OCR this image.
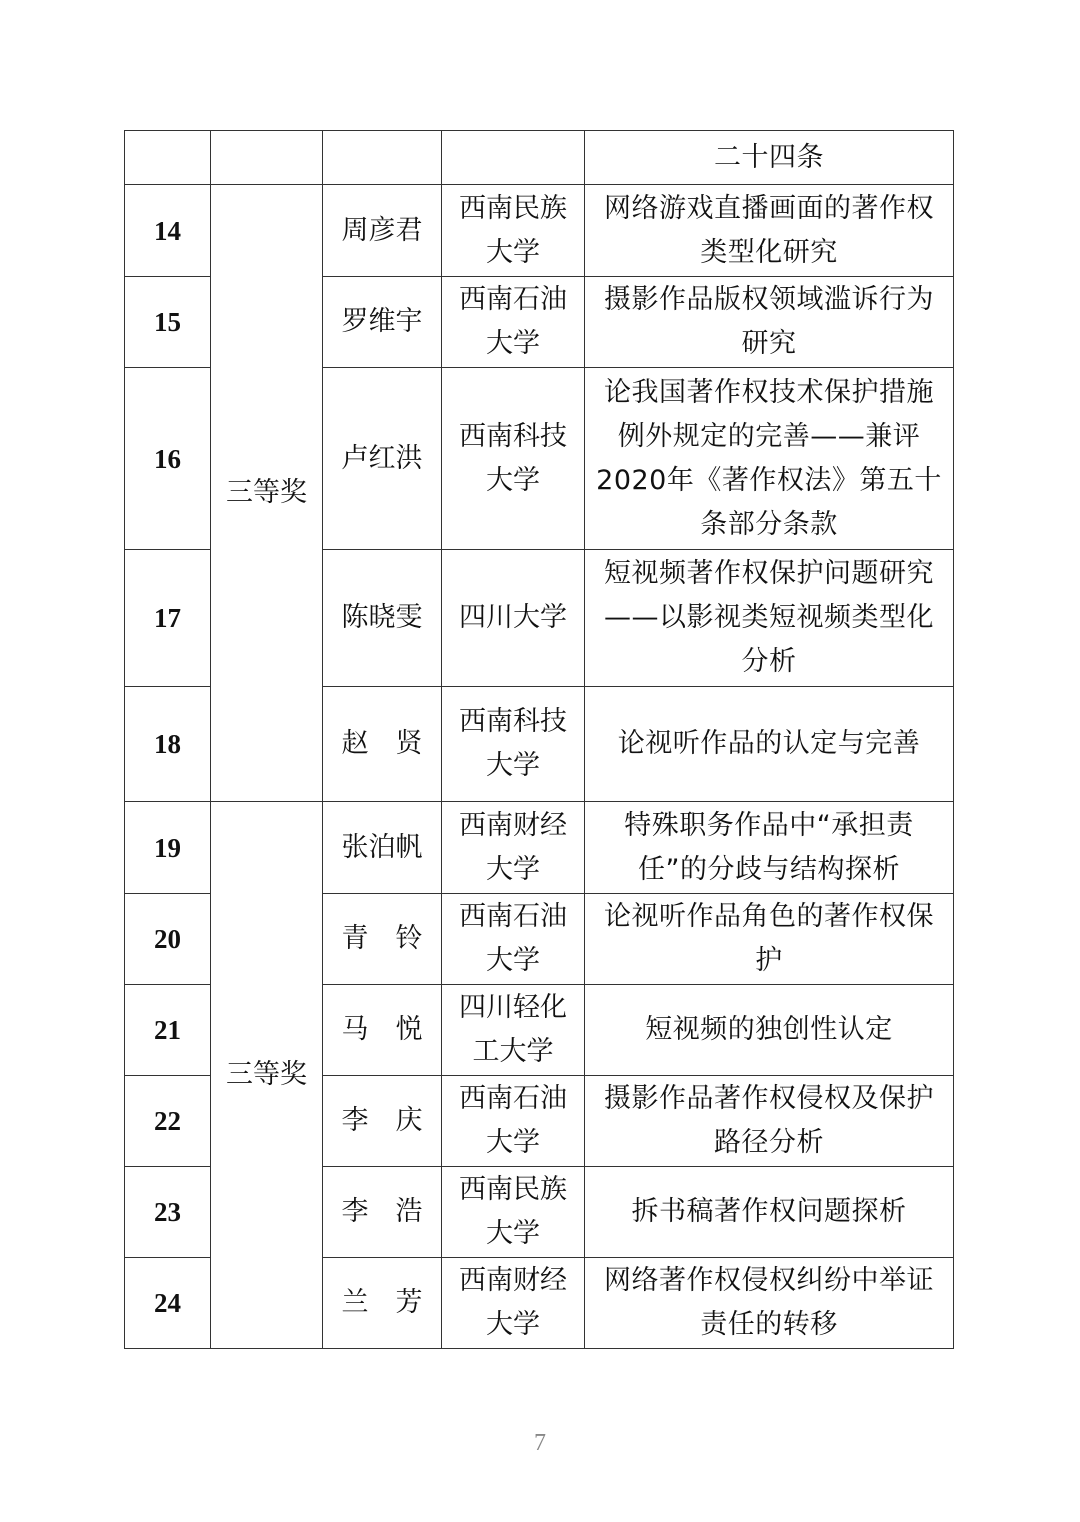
				二十四条
14	三等奖	周彦君	西南民族大学	网络游戏直播画面的著作权类型化研究
15		罗维宇	西南石油大学	摄影作品版权领域滥诉行为研究
16		卢红洪	西南科技大学	论我国著作权技术保护措施例外规定的完善——兼评2020年《著作权法》第五十条部分条款
17		陈晓雯	四川大学	短视频著作权保护问题研究——以影视类短视频类型化分析
18		赵　贤	西南科技大学	论视听作品的认定与完善
19	三等奖	张泊帆	西南财经大学	特殊职务作品中“承担责任”的分歧与结构探析
20		青　铃	西南石油大学	论视听作品角色的著作权保护
21		马　悦	四川轻化工大学	短视频的独创性认定
22		李　庆	西南石油大学	摄影作品著作权侵权及保护路径分析
23		李　浩	西南民族大学	拆书稿著作权问题探析
24		兰　芳	西南财经大学	网络著作权侵权纠纷中举证责任的转移
7
